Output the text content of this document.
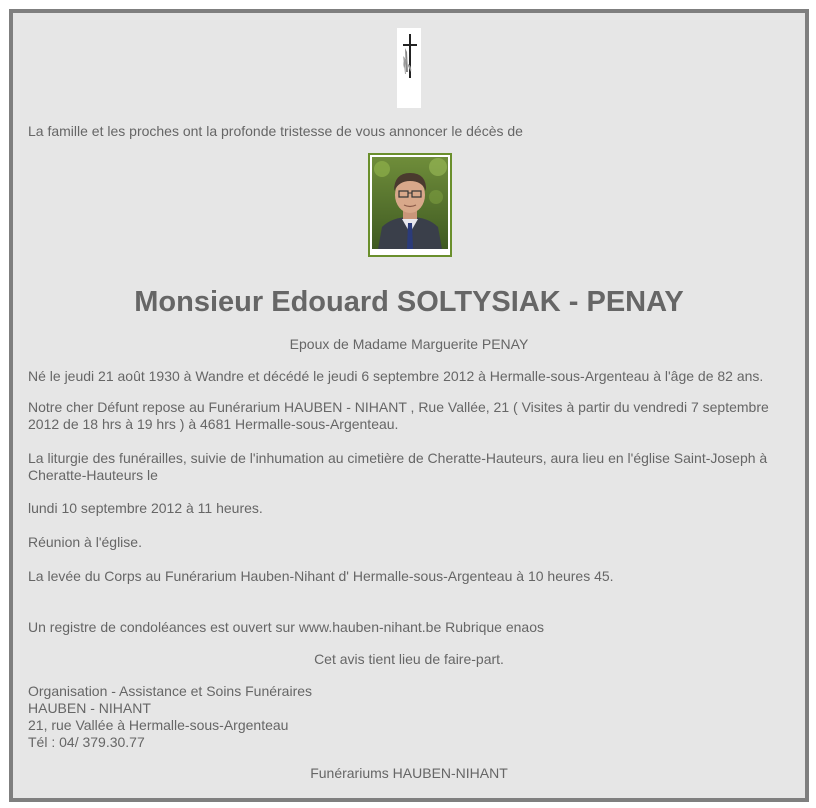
La famille et les proches ont la profonde tristesse de vous annoncer le décès de
Monsieur Edouard SOLTYSIAK - PENAY
Epoux de Madame Marguerite PENAY
Né le jeudi 21 août 1930 à Wandre et décédé le jeudi 6 septembre 2012 à Hermalle-sous-Argenteau à l'âge de 82 ans.
Notre cher Défunt repose au Funérarium HAUBEN - NIHANT , Rue Vallée, 21 ( Visites à partir du vendredi 7 septembre 2012 de 18 hrs à 19 hrs ) à 4681 Hermalle-sous-Argenteau.
La liturgie des funérailles, suivie de l'inhumation au cimetière de Cheratte-Hauteurs, aura lieu en l'église Saint-Joseph à Cheratte-Hauteurs le
lundi 10 septembre 2012 à 11 heures.
Réunion à l'église.
La levée du Corps au Funérarium Hauben-Nihant d' Hermalle-sous-Argenteau à 10 heures 45.
Un registre de condoléances est ouvert sur www.hauben-nihant.be Rubrique enaos
Cet avis tient lieu de faire-part.
Organisation - Assistance et Soins Funéraires
HAUBEN - NIHANT
21, rue Vallée à Hermalle-sous-Argenteau
Tél : 04/ 379.30.77
Funérariums HAUBEN-NIHANT
